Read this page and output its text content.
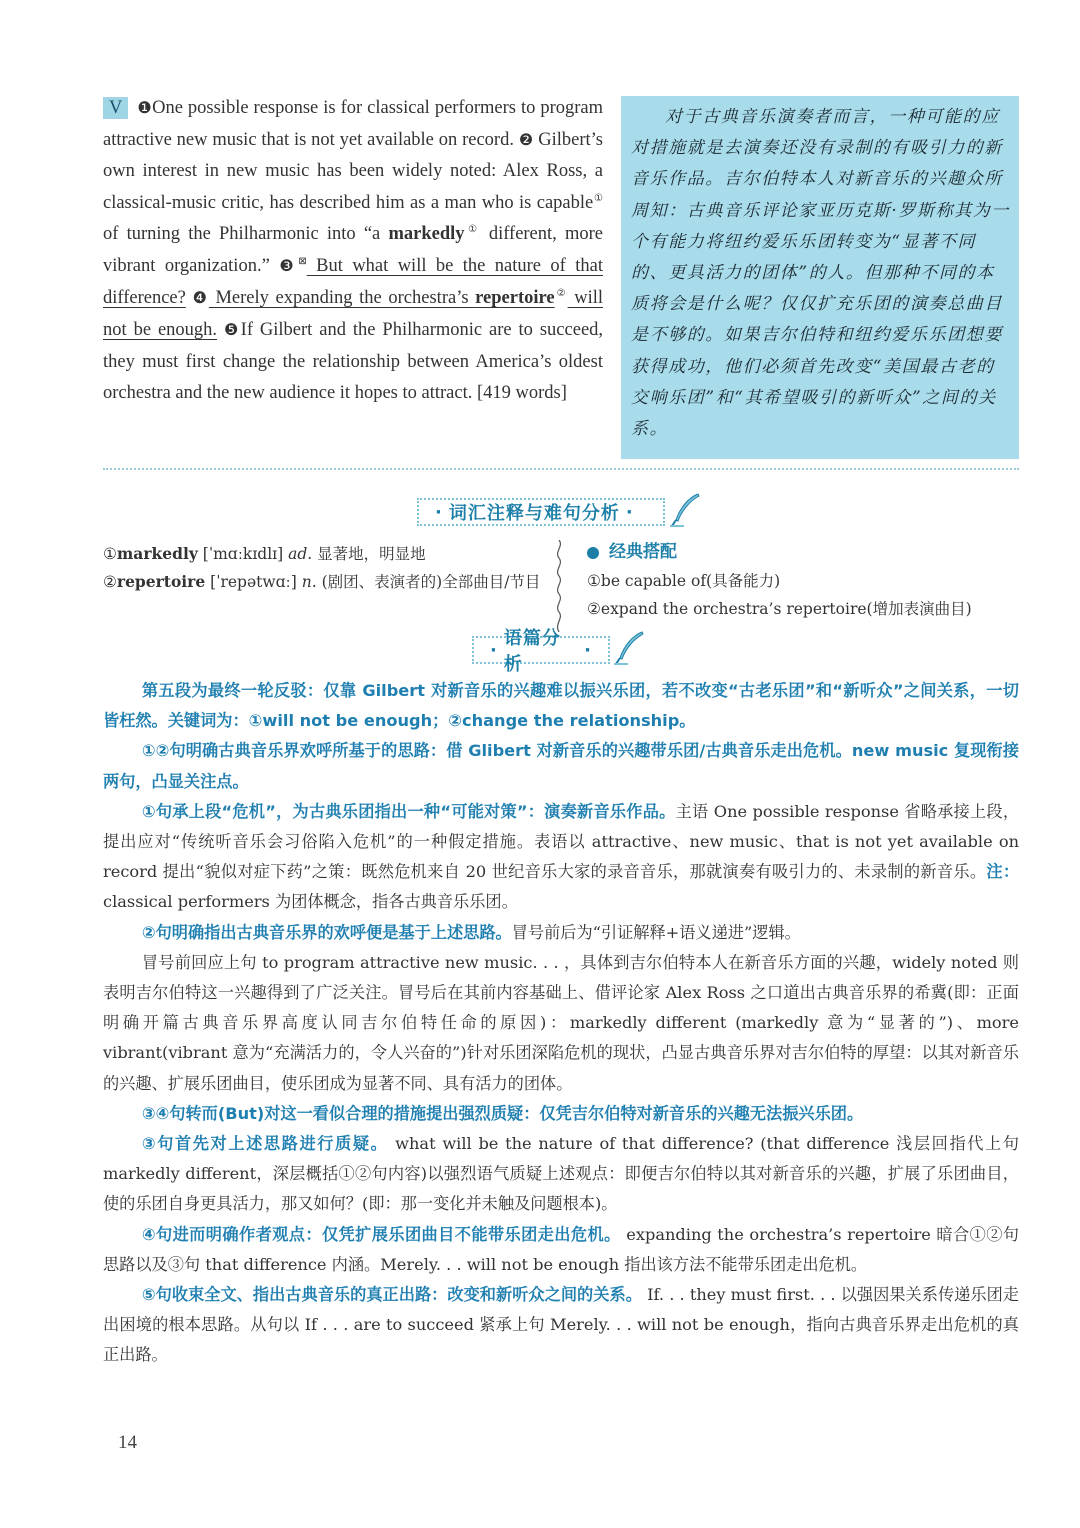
V ❶One possible response is for classical performers to program attractive new music that is not yet available on record. ❷ Gilbert’s own interest in new music has been widely noted: Alex Ross, a classical-music critic, has described him as a man who is capable① of turning the Philharmonic into “a markedly① different, more vibrant organization.” ❸⊠ But what will be the nature of that difference? ❹ Merely expanding the orchestra’s repertoire② will not be enough. ❺If Gilbert and the Philharmonic are to succeed, they must first change the relationship between America’s oldest orchestra and the new audience it hopes to attract. [419 words]

对于古典音乐演奏者而言，一种可能的应对措施就是去演奏还没有录制的有吸引力的新音乐作品。吉尔伯特本人对新音乐的兴趣众所周知：古典音乐评论家亚历克斯·罗斯称其为一个有能力将纽约爱乐乐团转变为“显著不同的、更具活力的团体”的人。但那种不同的本质将会是什么呢？仅仅扩充乐团的演奏总曲目是不够的。如果吉尔伯特和纽约爱乐乐团想要获得成功，他们必须首先改变“美国最古老的交响乐团”和“其希望吸引的新听众”之间的关系。

· 词汇注释与难句分析 ·

①markedly [ˈmɑːkɪdlɪ] ad. 显著地，明显地

②repertoire [ˈrepətwɑː] n. (剧团、表演者的)全部曲目/节目

经典搭配

①be capable of(具备能力)

②expand the orchestra’s repertoire(增加表演曲目)

·
语篇分析
·

第五段为最终一轮反驳：仅靠 Gilbert 对新音乐的兴趣难以振兴乐团，若不改变“古老乐团”和“新听众”之间关系，一切皆枉然。关键词为：①will not be enough；②change the relationship。

①②句明确古典音乐界欢呼所基于的思路：借 Glibert 对新音乐的兴趣带乐团/古典音乐走出危机。new music 复现衔接两句，凸显关注点。

①句承上段“危机”，为古典乐团指出一种“可能对策”：演奏新音乐作品。主语 One possible response 省略承接上段，提出应对“传统听音乐会习俗陷入危机”的一种假定措施。表语以 attractive、new music、that is not yet available on record 提出“貌似对症下药”之策：既然危机来自 20 世纪音乐大家的录音音乐，那就演奏有吸引力的、未录制的新音乐。注：classical performers 为团体概念，指各古典音乐乐团。

②句明确指出古典音乐界的欢呼便是基于上述思路。冒号前后为“引证解释+语义递进”逻辑。

冒号前回应上句 to program attractive new music. . . ，具体到吉尔伯特本人在新音乐方面的兴趣，widely noted 则表明吉尔伯特这一兴趣得到了广泛关注。冒号后在其前内容基础上、借评论家 Alex Ross 之口道出古典音乐界的希冀(即：正面明确开篇古典音乐界高度认同吉尔伯特任命的原因)：markedly different (markedly 意为“显著的”)、more vibrant(vibrant 意为“充满活力的，令人兴奋的”)针对乐团深陷危机的现状，凸显古典音乐界对吉尔伯特的厚望：以其对新音乐的兴趣、扩展乐团曲目，使乐团成为显著不同、具有活力的团体。

③④句转而(But)对这一看似合理的措施提出强烈质疑：仅凭吉尔伯特对新音乐的兴趣无法振兴乐团。

③句首先对上述思路进行质疑。 what will be the nature of that difference? (that difference 浅层回指代上句 markedly different，深层概括①②句内容)以强烈语气质疑上述观点：即便吉尔伯特以其对新音乐的兴趣，扩展了乐团曲目，使的乐团自身更具活力，那又如何？(即：那一变化并未触及问题根本)。

④句进而明确作者观点：仅凭扩展乐团曲目不能带乐团走出危机。 expanding the orchestra’s repertoire 暗合①②句思路以及③句 that difference 内涵。Merely. . . will not be enough 指出该方法不能带乐团走出危机。

⑤句收束全文、指出古典音乐的真正出路：改变和新听众之间的关系。 If. . . they must first. . . 以强因果关系传递乐团走出困境的根本思路。从句以 If . . . are to succeed 紧承上句 Merely. . . will not be enough，指向古典音乐界走出危机的真正出路。

14
